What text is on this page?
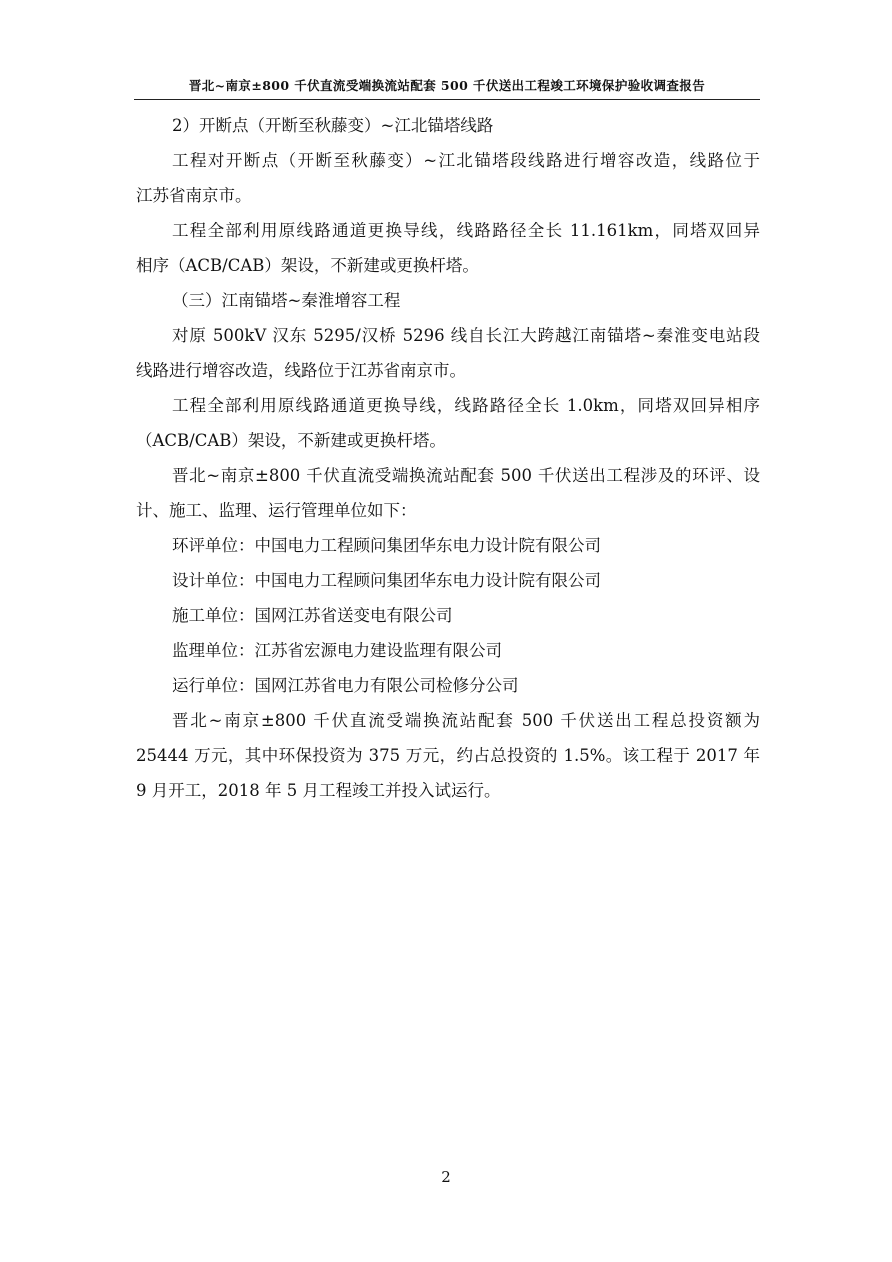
晋北~南京±800 千伏直流受端换流站配套 500 千伏送出工程竣工环境保护验收调查报告
2）开断点（开断至秋藤变）~江北锚塔线路
工程对开断点（开断至秋藤变）~江北锚塔段线路进行增容改造，线路位于
江苏省南京市。
工程全部利用原线路通道更换导线，线路路径全长 11.161km，同塔双回异
相序（ACB/CAB）架设，不新建或更换杆塔。
（三）江南锚塔~秦淮增容工程
对原 500kV 汉东 5295/汉桥 5296 线自长江大跨越江南锚塔~秦淮变电站段
线路进行增容改造，线路位于江苏省南京市。
工程全部利用原线路通道更换导线，线路路径全长 1.0km，同塔双回异相序
（ACB/CAB）架设，不新建或更换杆塔。
晋北~南京±800 千伏直流受端换流站配套 500 千伏送出工程涉及的环评、设
计、施工、监理、运行管理单位如下：
环评单位：中国电力工程顾问集团华东电力设计院有限公司
设计单位：中国电力工程顾问集团华东电力设计院有限公司
施工单位：国网江苏省送变电有限公司
监理单位：江苏省宏源电力建设监理有限公司
运行单位：国网江苏省电力有限公司检修分公司
晋北~南京±800 千伏直流受端换流站配套 500 千伏送出工程总投资额为
25444 万元，其中环保投资为 375 万元，约占总投资的 1.5%。该工程于 2017 年
9 月开工，2018 年 5 月工程竣工并投入试运行。
2
